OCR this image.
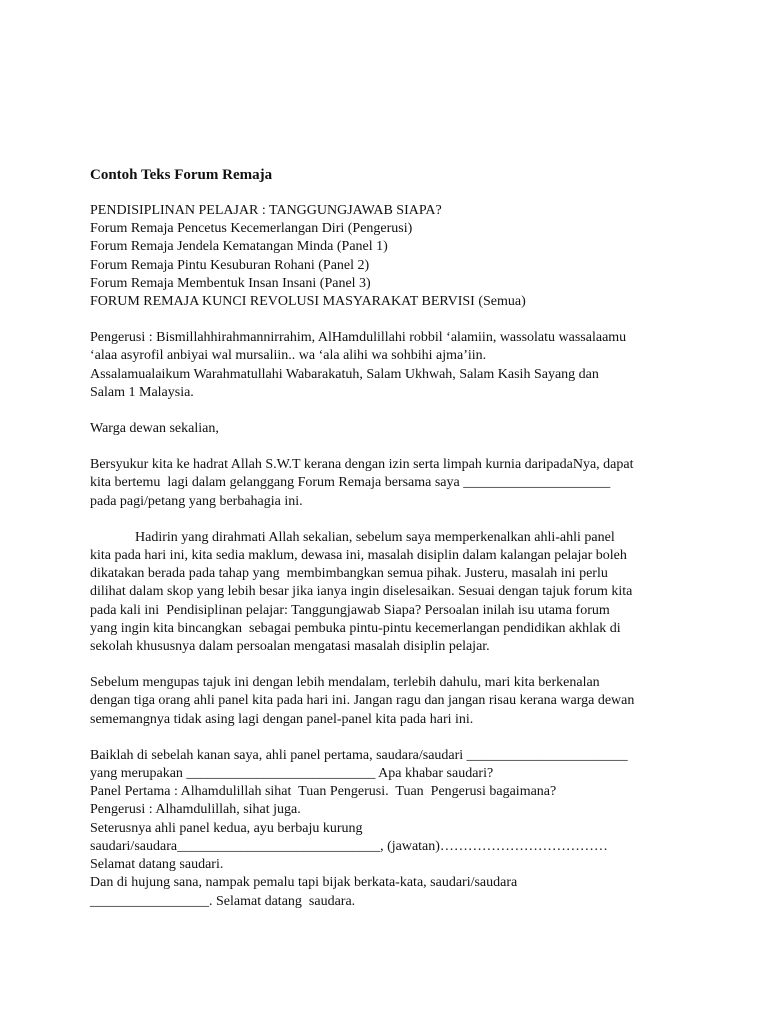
Contoh Teks Forum Remaja
PENDISIPLINAN PELAJAR : TANGGUNGJAWAB SIAPA?
Forum Remaja Pencetus Kecemerlangan Diri (Pengerusi)
Forum Remaja Jendela Kematangan Minda (Panel 1)
Forum Remaja Pintu Kesuburan Rohani (Panel 2)
Forum Remaja Membentuk Insan Insani (Panel 3)
FORUM REMAJA KUNCI REVOLUSI MASYARAKAT BERVISI (Semua)
Pengerusi : Bismillahhirahmannirrahim, AlHamdulillahi robbil ‘alamiin, wassolatu wassalaamu
‘alaa asyrofil anbiyai wal mursaliin.. wa ‘ala alihi wa sohbihi ajma’iin.
Assalamualaikum Warahmatullahi Wabarakatuh, Salam Ukhwah, Salam Kasih Sayang dan
Salam 1 Malaysia.
Warga dewan sekalian,
Bersyukur kita ke hadrat Allah S.W.T kerana dengan izin serta limpah kurnia daripadaNya, dapat
kita bertemu  lagi dalam gelanggang Forum Remaja bersama saya _____________________
pada pagi/petang yang berbahagia ini.
Hadirin yang dirahmati Allah sekalian, sebelum saya memperkenalkan ahli-ahli panel
kita pada hari ini, kita sedia maklum, dewasa ini, masalah disiplin dalam kalangan pelajar boleh
dikatakan berada pada tahap yang  membimbangkan semua pihak. Justeru, masalah ini perlu
dilihat dalam skop yang lebih besar jika ianya ingin diselesaikan. Sesuai dengan tajuk forum kita
pada kali ini  Pendisiplinan pelajar: Tanggungjawab Siapa? Persoalan inilah isu utama forum
yang ingin kita bincangkan  sebagai pembuka pintu-pintu kecemerlangan pendidikan akhlak di
sekolah khususnya dalam persoalan mengatasi masalah disiplin pelajar.
Sebelum mengupas tajuk ini dengan lebih mendalam, terlebih dahulu, mari kita berkenalan
dengan tiga orang ahli panel kita pada hari ini. Jangan ragu dan jangan risau kerana warga dewan
sememangnya tidak asing lagi dengan panel-panel kita pada hari ini.
Baiklah di sebelah kanan saya, ahli panel pertama, saudara/saudari _______________________
yang merupakan ___________________________ Apa khabar saudari?
Panel Pertama : Alhamdulillah sihat  Tuan Pengerusi.  Tuan  Pengerusi bagaimana?
Pengerusi : Alhamdulillah, sihat juga.
Seterusnya ahli panel kedua, ayu berbaju kurung
saudari/saudara_____________________________, (jawatan)………………………………
Selamat datang saudari.
Dan di hujung sana, nampak pemalu tapi bijak berkata-kata, saudari/saudara
_________________. Selamat datang  saudara.
